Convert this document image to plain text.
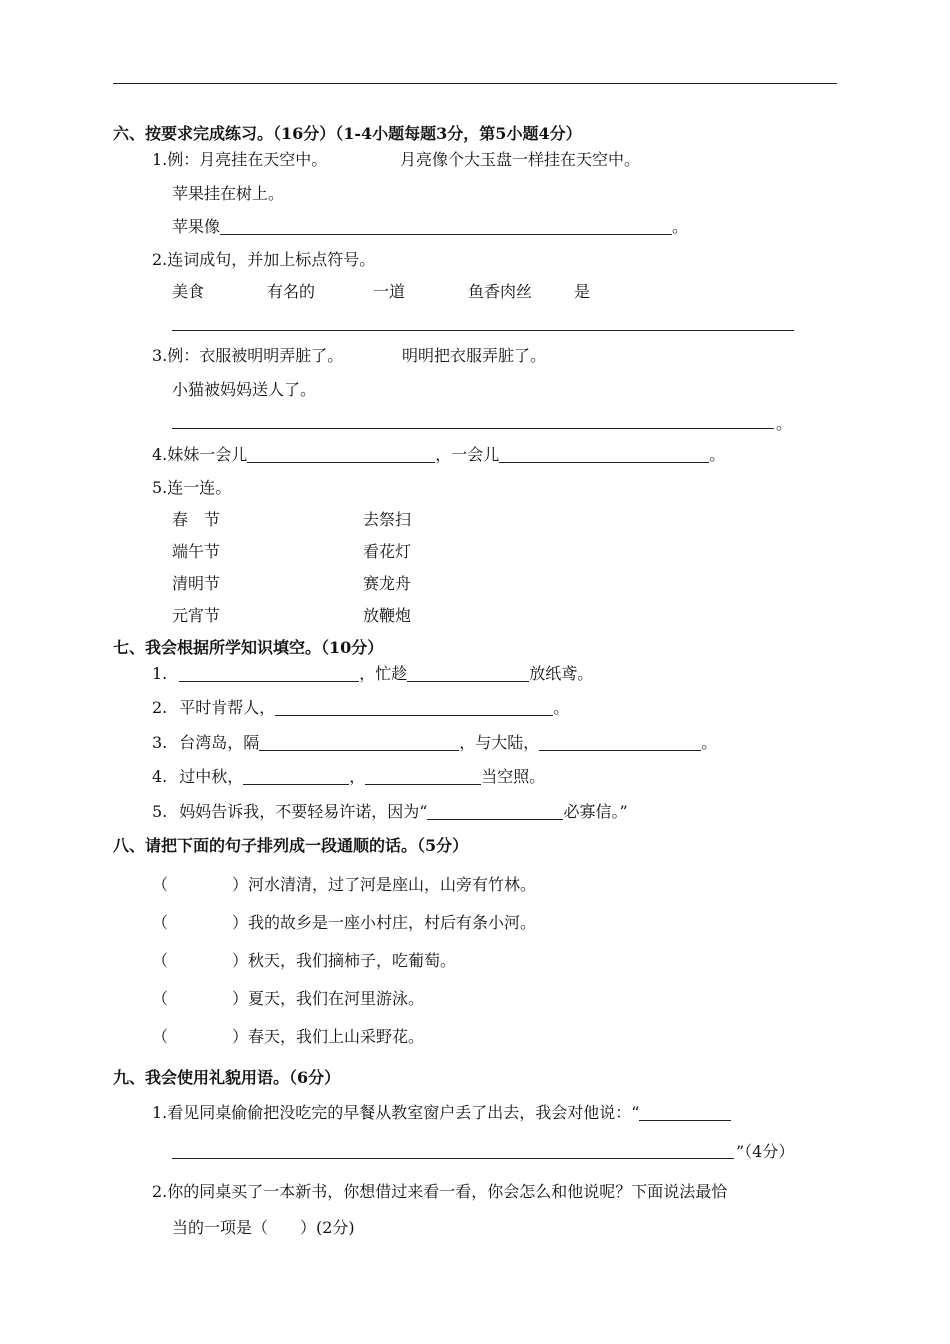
六、按要求完成练习。（16分）（1-4小题每题3分，第5小题4分）
1.例：月亮挂在天空中。	月亮像个大玉盘一样挂在天空中。
苹果挂在树上。
苹果像	。
2.连词成句，并加上标点符号。
美食	有名的	一道	鱼香肉丝	是
3.例：衣服被明明弄脏了。	明明把衣服弄脏了。
小猫被妈妈送人了。
。
4.妹妹一会儿	，一会儿	。
5.连一连。
春　节	去祭扫
端午节	看花灯
清明节	赛龙舟
元宵节	放鞭炮
七、我会根据所学知识填空。（10分）
1.	，忙趁	放纸鸢。
2. 平时肯帮人，	。
3. 台湾岛，隔	，与大陆，	。
4. 过中秋，	，	当空照。
5. 妈妈告诉我，不要轻易许诺，因为“	必寡信。”
八、请把下面的句子排列成一段通顺的话。（5分）
（	）河水清清，过了河是座山，山旁有竹林。
（	）我的故乡是一座小村庄，村后有条小河。
（	）秋天，我们摘柿子，吃葡萄。
（	）夏天，我们在河里游泳。
（	）春天，我们上山采野花。
九、我会使用礼貌用语。（6分）
1.看见同桌偷偷把没吃完的早餐从教室窗户丢了出去，我会对他说：“
”（4分）
2.你的同桌买了一本新书，你想借过来看一看，你会怎么和他说呢？下面说法最恰
当的一项是（　　）(2分)
